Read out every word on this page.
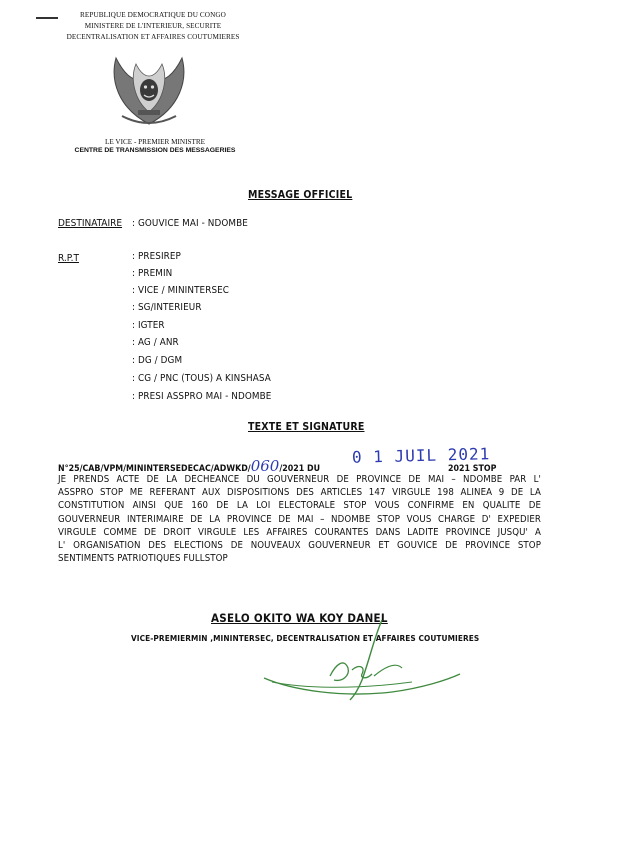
REPUBLIQUE DEMOCRATIQUE DU CONGO
MINISTERE DE L'INTERIEUR, SECURITE
DECENTRALISATION ET AFFAIRES COUTUMIERES
LE VICE - PREMIER MINISTRE
CENTRE DE TRANSMISSION DES MESSAGERIES
MESSAGE OFFICIEL
DESTINATAIRE : GOUVICE MAI - NDOMBE
R.P.T	: PRESIREP
: PREMIN
: VICE / MININTERSEC
: SG/INTERIEUR
: IGTER
: AG / ANR
: DG / DGM
: CG / PNC (TOUS) A KINSHASA
: PRESI ASSPRO MAI - NDOMBE
TEXTE ET SIGNATURE
N°25/CAB/VPM/MININTERSEDECAC/ADWKD/060/2021 DU	2021 STOP
0 1 JUIL 2021
JE PRENDS ACTE DE LA DECHEANCE DU GOUVERNEUR DE PROVINCE DE MAI – NDOMBE PAR L'
ASSPRO STOP ME REFERANT AUX DISPOSITIONS DES ARTICLES 147 VIRGULE 198 ALINEA 9 DE LA
CONSTITUTION AINSI QUE 160 DE LA LOI ELECTORALE STOP VOUS CONFIRME EN QUALITE DE
GOUVERNEUR INTERIMAIRE DE LA PROVINCE DE MAI – NDOMBE STOP VOUS CHARGE D' EXPEDIER
VIRGULE COMME DE DROIT VIRGULE LES AFFAIRES COURANTES DANS LADITE PROVINCE JUSQU' A
L' ORGANISATION DES ELECTIONS DE NOUVEAUX GOUVERNEUR ET GOUVICE DE PROVINCE STOP
SENTIMENTS PATRIOTIQUES FULLSTOP
ASELO OKITO WA KOY DANEL
VICE-PREMIERMIN ,MININTERSEC, DECENTRALISATION ET AFFAIRES COUTUMIERES
